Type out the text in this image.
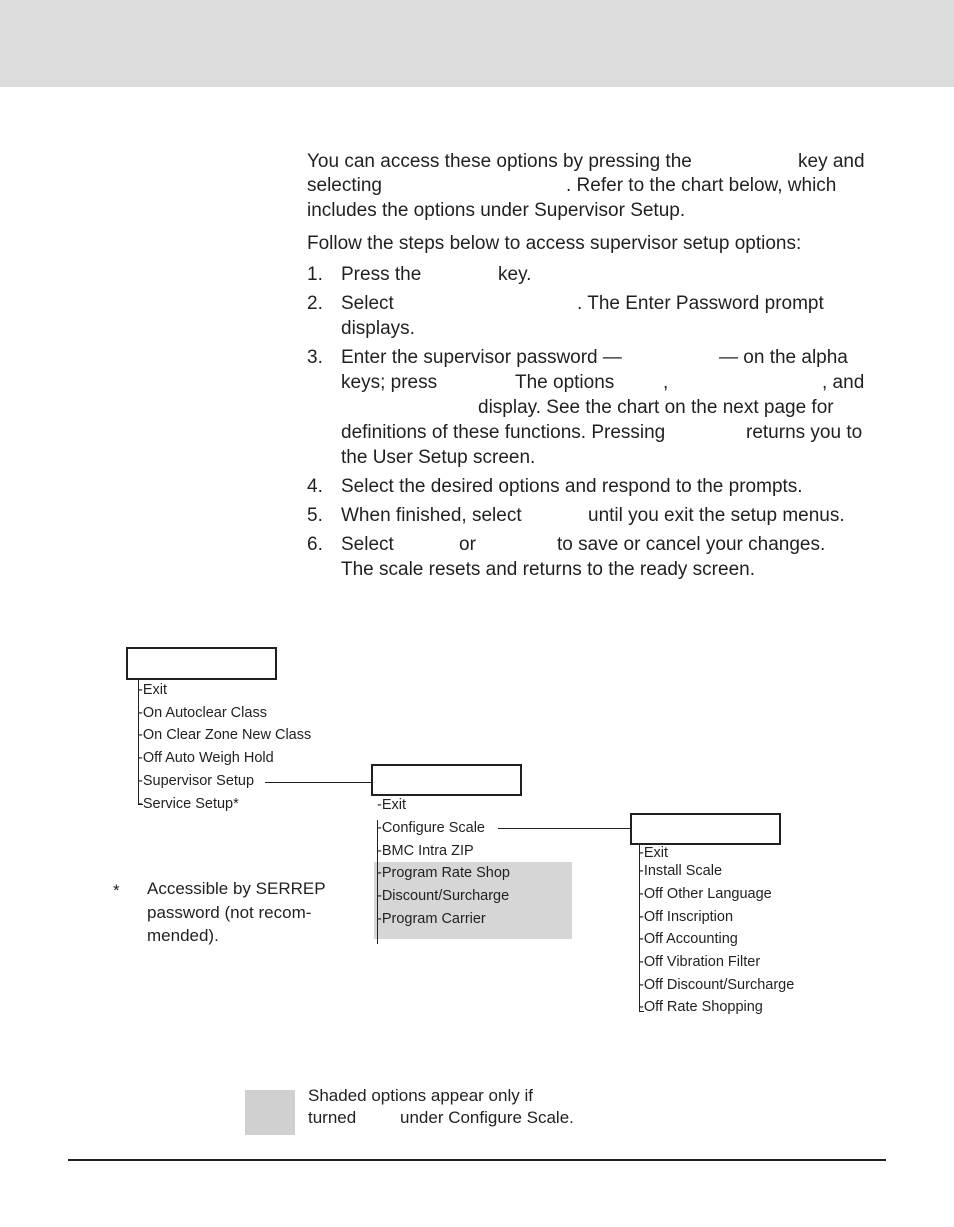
You can access these options by pressing the	key and
selecting	. Refer to the chart below, which
includes the options under Supervisor Setup.
Follow the steps below to access supervisor setup options:
1. Press the	key.
2. Select	. The Enter Password prompt
displays.
3. Enter the supervisor password —	— on the alpha
keys; press	The options	,	, and
display. See the chart on the next page for
definitions of these functions. Pressing	returns you to
the User Setup screen.
4. Select the desired options and respond to the prompts.
5. When finished, select	until you exit the setup menus.
6. Select	or	to save or cancel your changes.
The scale resets and returns to the ready screen.
-Exit
-On Autoclear Class
-On Clear Zone New Class
-Off Auto Weigh Hold
-Supervisor Setup
-Service Setup*	-Exit
-Configure Scale
-BMC Intra ZIP
-Program Rate Shop
-Discount/Surcharge
-Program Carrier
-Exit
-Install Scale
-Off Other Language
-Off Inscription
-Off Accounting
-Off Vibration Filter
-Off Discount/Surcharge
-Off Rate Shopping
* Accessible by SERREP
password (not recom-
mended).
Shaded options appear only if
turned	under Configure Scale.
